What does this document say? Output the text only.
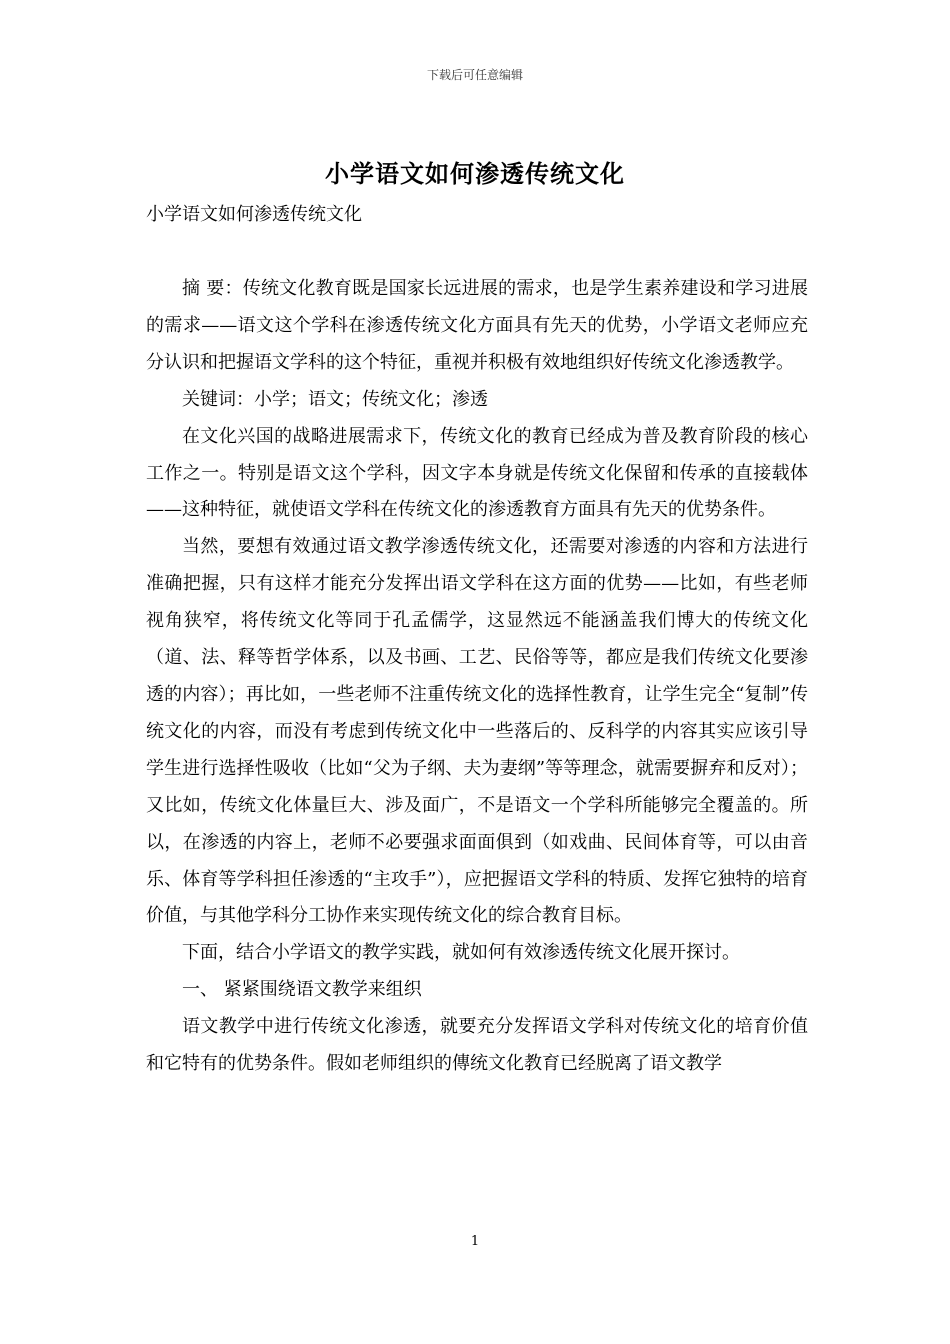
下载后可任意编辑
小学语文如何渗透传统文化
小学语文如何渗透传统文化

摘 要：传统文化教育既是国家长远进展的需求，也是学生素养建设和学习进展的需求——语文这个学科在渗透传统文化方面具有先天的优势，小学语文老师应充分认识和把握语文学科的这个特征，重视并积极有效地组织好传统文化渗透教学。

关键词：小学；语文；传统文化；渗透

在文化兴国的战略进展需求下，传统文化的教育已经成为普及教育阶段的核心工作之一。特别是语文这个学科，因文字本身就是传统文化保留和传承的直接载体——这种特征，就使语文学科在传统文化的渗透教育方面具有先天的优势条件。

当然，要想有效通过语文教学渗透传统文化，还需要对渗透的内容和方法进行准确把握，只有这样才能充分发挥出语文学科在这方面的优势——比如，有些老师视角狭窄，将传统文化等同于孔孟儒学，这显然远不能涵盖我们博大的传统文化（道、法、释等哲学体系，以及书画、工艺、民俗等等，都应是我们传统文化要渗透的内容）；再比如，一些老师不注重传统文化的选择性教育，让学生完全“复制”传统文化的内容，而没有考虑到传统文化中一些落后的、反科学的内容其实应该引导学生进行选择性吸收（比如“父为子纲、夫为妻纲”等等理念，就需要摒弃和反对）；又比如，传统文化体量巨大、涉及面广，不是语文一个学科所能够完全覆盖的。所以，在渗透的内容上，老师不必要强求面面俱到（如戏曲、民间体育等，可以由音乐、体育等学科担任渗透的“主攻手”），应把握语文学科的特质、发挥它独特的培育价值，与其他学科分工协作来实现传统文化的综合教育目标。

下面，结合小学语文的教学实践，就如何有效渗透传统文化展开探讨。

一、 紧紧围绕语文教学来组织

语文教学中进行传统文化渗透，就要充分发挥语文学科对传统文化的培育价值和它特有的优势条件。假如老师组织的傳统文化教育已经脱离了语文教学

1
